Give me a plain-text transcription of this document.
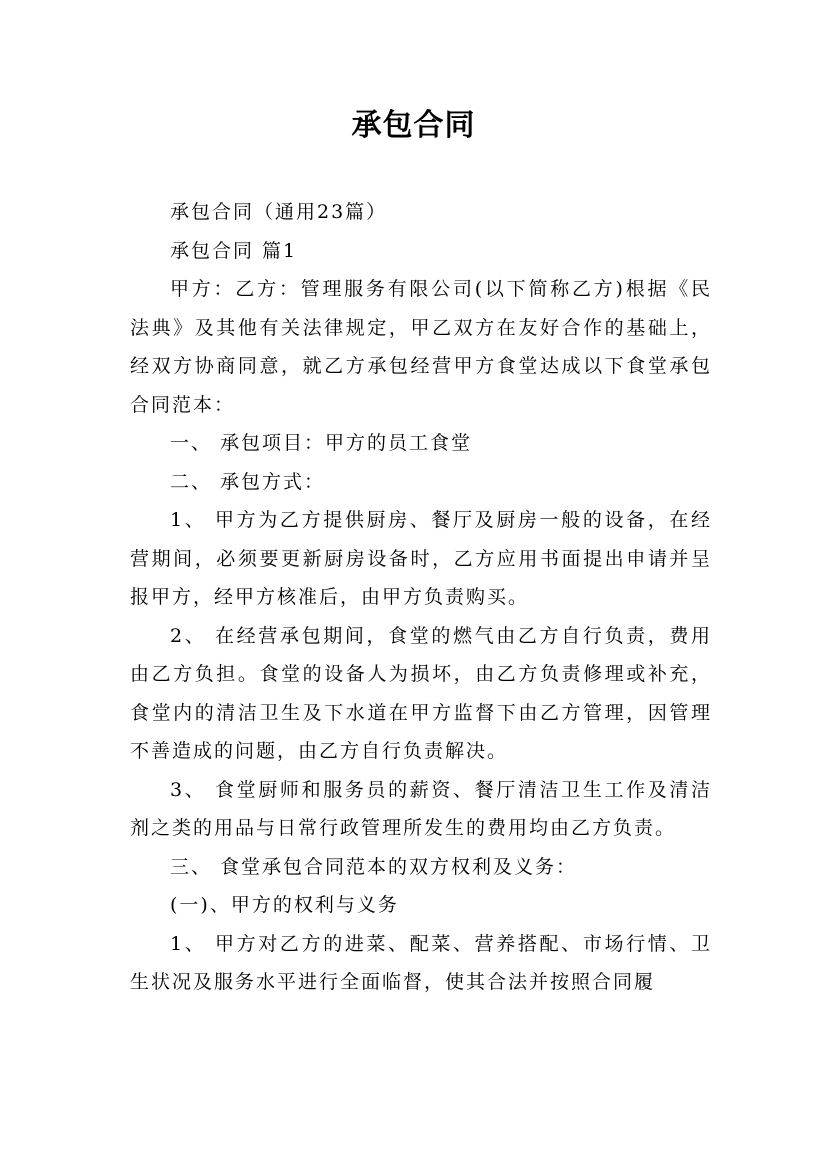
承包合同

承包合同（通用23篇）

承包合同 篇1

甲方：乙方：管理服务有限公司(以下简称乙方)根据《民法典》及其他有关法律规定，甲乙双方在友好合作的基础上，经双方协商同意，就乙方承包经营甲方食堂达成以下食堂承包合同范本：

一、 承包项目：甲方的员工食堂

二、 承包方式：

1、 甲方为乙方提供厨房、餐厅及厨房一般的设备，在经营期间，必须要更新厨房设备时，乙方应用书面提出申请并呈报甲方，经甲方核准后，由甲方负责购买。

2、 在经营承包期间，食堂的燃气由乙方自行负责，费用由乙方负担。食堂的设备人为损坏，由乙方负责修理或补充，食堂内的清洁卫生及下水道在甲方监督下由乙方管理，因管理不善造成的问题，由乙方自行负责解决。

3、 食堂厨师和服务员的薪资、餐厅清洁卫生工作及清洁剂之类的用品与日常行政管理所发生的费用均由乙方负责。

三、 食堂承包合同范本的双方权利及义务：

(一)、甲方的权利与义务

1、 甲方对乙方的进菜、配菜、营养搭配、市场行情、卫生状况及服务水平进行全面临督，使其合法并按照合同履
